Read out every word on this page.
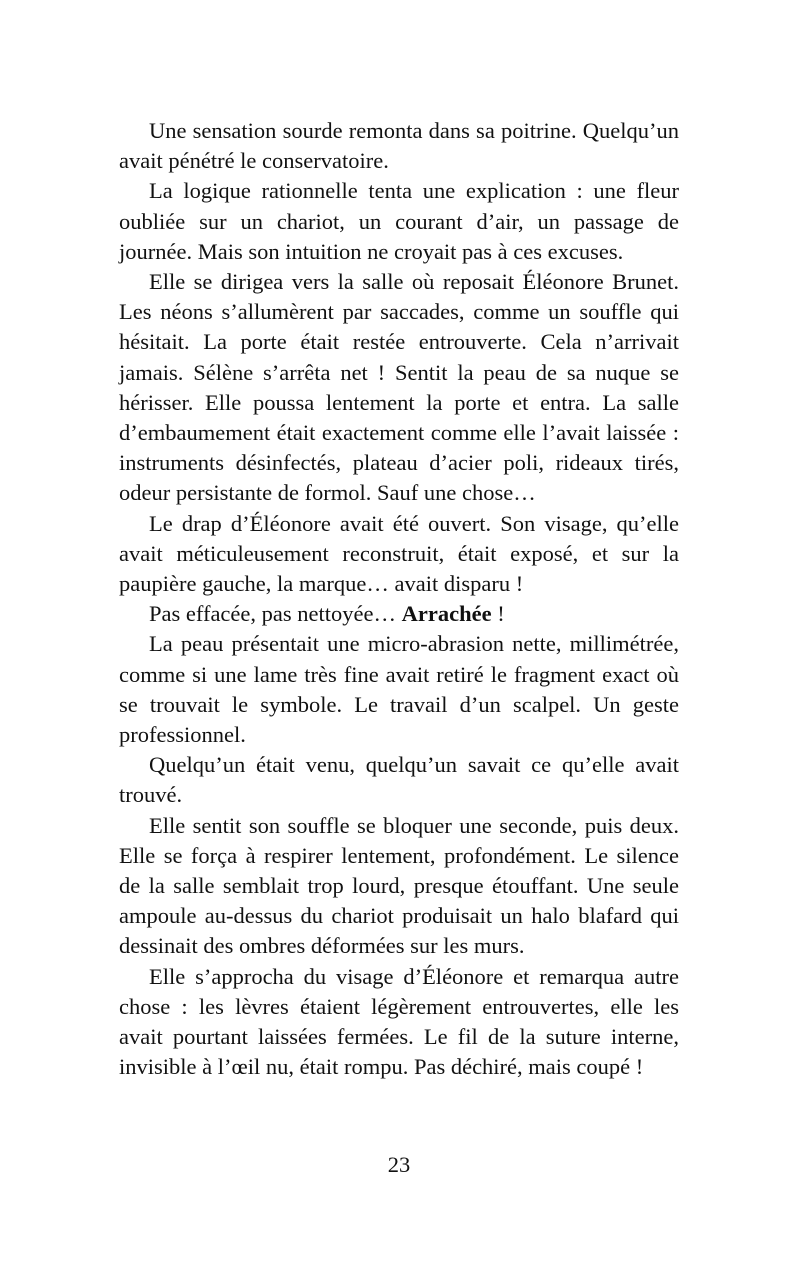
Une sensation sourde remonta dans sa poitrine. Quelqu’un avait pénétré le conservatoire.

La logique rationnelle tenta une explication : une fleur oubliée sur un chariot, un courant d’air, un passage de journée. Mais son intuition ne croyait pas à ces excuses.

Elle se dirigea vers la salle où reposait Éléonore Brunet. Les néons s’allumèrent par saccades, comme un souffle qui hésitait. La porte était restée entrouverte. Cela n’arrivait jamais. Sélène s’arrêta net ! Sentit la peau de sa nuque se hérisser. Elle poussa lentement la porte et entra. La salle d’embaumement était exactement comme elle l’avait laissée : instruments désinfectés, plateau d’acier poli, rideaux tirés, odeur persistante de formol. Sauf une chose…

Le drap d’Éléonore avait été ouvert. Son visage, qu’elle avait méticuleusement reconstruit, était exposé, et sur la paupière gauche, la marque… avait disparu !

Pas effacée, pas nettoyée… Arrachée !

La peau présentait une micro-abrasion nette, millimétrée, comme si une lame très fine avait retiré le fragment exact où se trouvait le symbole. Le travail d’un scalpel. Un geste professionnel.

Quelqu’un était venu, quelqu’un savait ce qu’elle avait trouvé.

Elle sentit son souffle se bloquer une seconde, puis deux. Elle se força à respirer lentement, profondément. Le silence de la salle semblait trop lourd, presque étouffant. Une seule ampoule au-dessus du chariot produisait un halo blafard qui dessinait des ombres déformées sur les murs.

Elle s’approcha du visage d’Éléonore et remarqua autre chose : les lèvres étaient légèrement entrouvertes, elle les avait pourtant laissées fermées. Le fil de la suture interne, invisible à l’œil nu, était rompu. Pas déchiré, mais coupé !

23
